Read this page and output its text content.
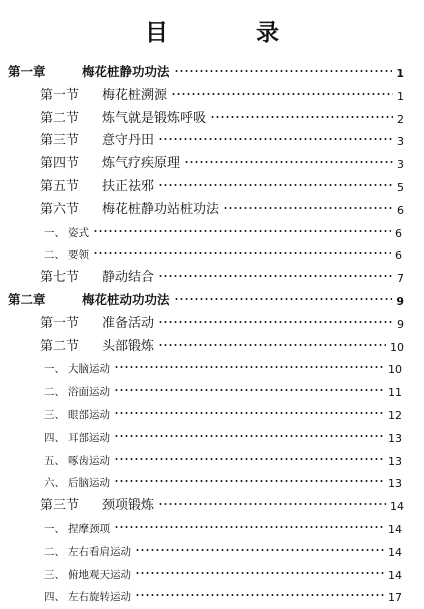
目 录
第一章	梅花桩静功功法	1
第一节	梅花桩溯源	1
第二节	炼气就是锻炼呼吸	2
第三节	意守丹田	3
第四节	炼气疗疾原理	3
第五节	扶正祛邪	5
第六节	梅花桩静功站桩功法	6
一、 姿式	6
二、 要领	6
第七节	静动结合	7
第二章	梅花桩动功功法	9
第一节	准备活动	9
第二节	头部锻炼	10
一、 大脑运动	10
二、 浴面运动	11
三、 眼部运动	12
四、 耳部运动	13
五、 啄齿运动	13
六、 后脑运动	13
第三节	颈项锻炼	14
一、 捏摩颈项	14
二、 左右看肩运动	14
三、 俯地观天运动	14
四、 左右旋转运动	17
